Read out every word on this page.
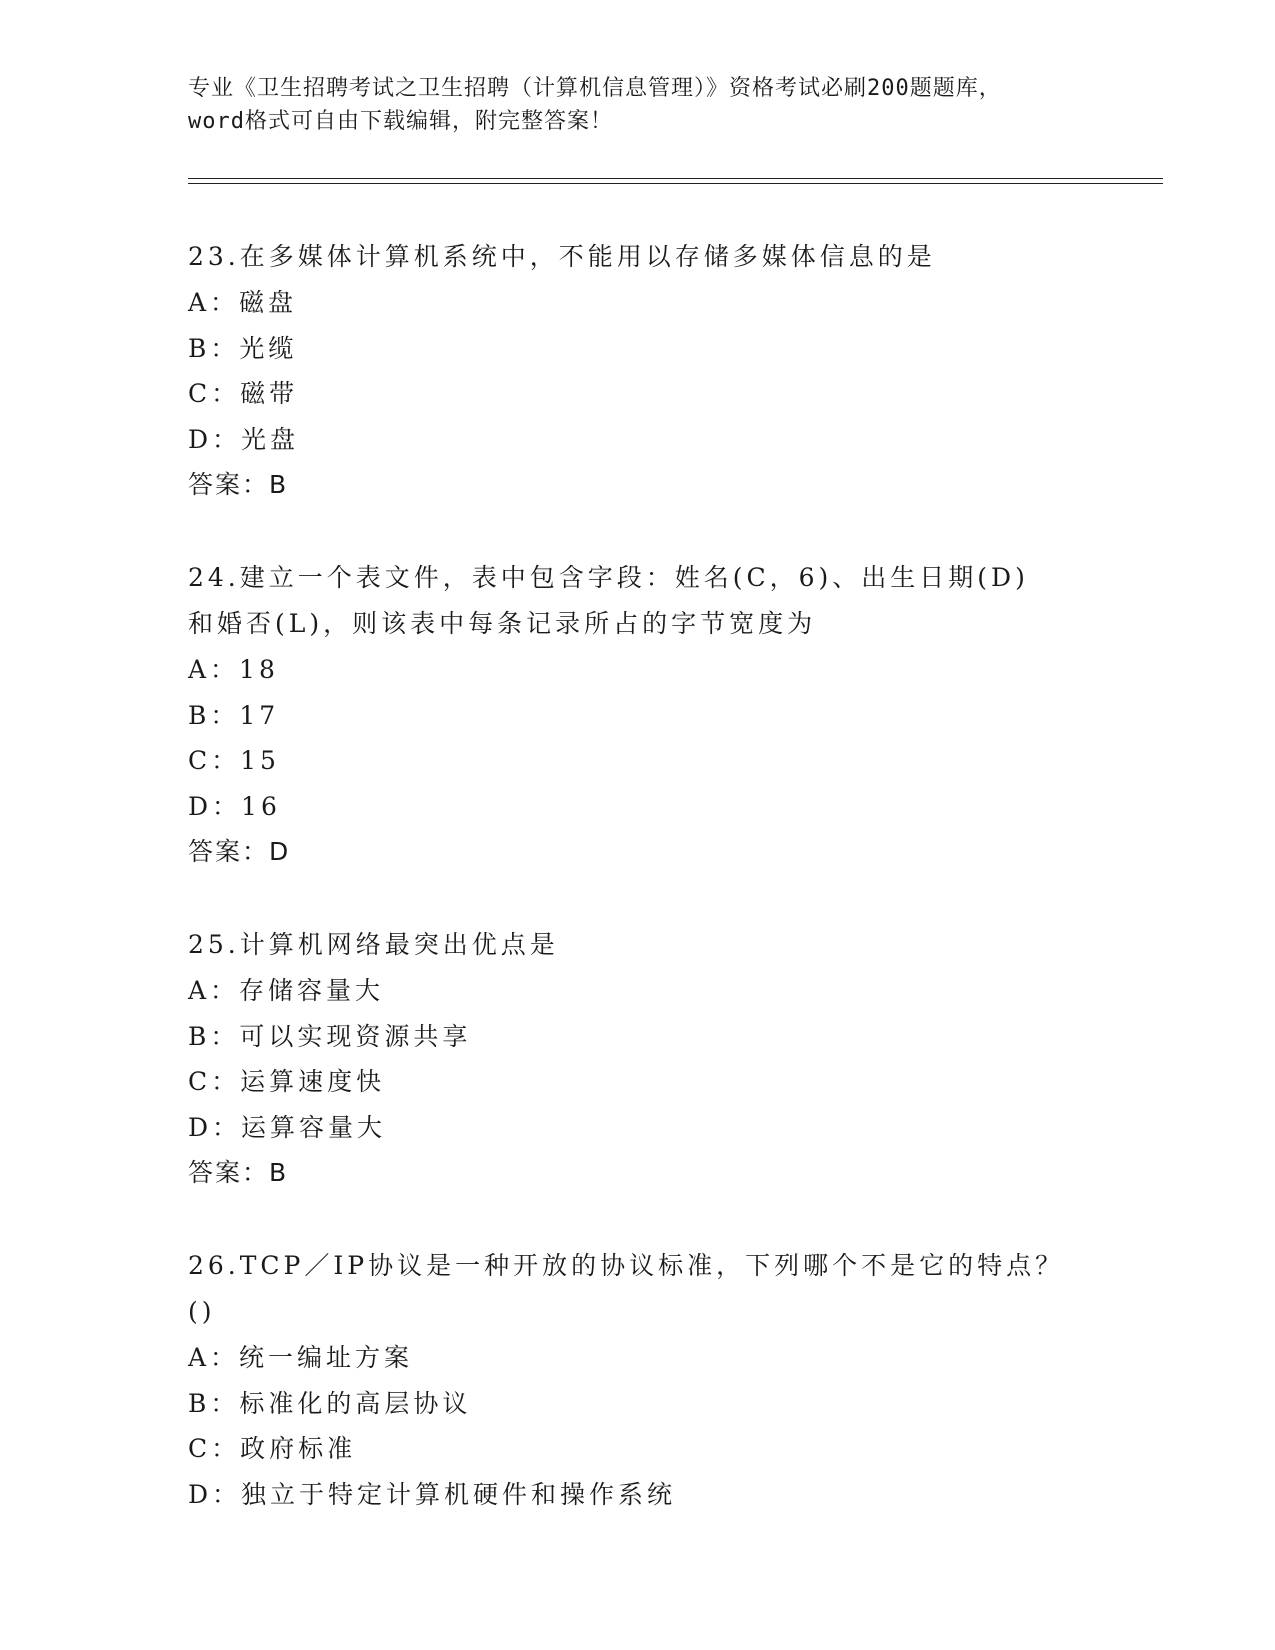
专业《卫生招聘考试之卫生招聘（计算机信息管理）》资格考试必刷200题题库，
word格式可自由下载编辑，附完整答案！

23.在多媒体计算机系统中，不能用以存储多媒体信息的是

A：磁盘

B：光缆

C：磁带

D：光盘

答案：B

24.建立一个表文件，表中包含字段：姓名(C，6)、出生日期(D)和婚否(L)，则该表中每条记录所占的字节宽度为

A：18

B：17

C：15

D：16

答案：D

25.计算机网络最突出优点是

A：存储容量大

B：可以实现资源共享

C：运算速度快

D：运算容量大

答案：B

26.TCP／IP协议是一种开放的协议标准，下列哪个不是它的特点？()

A：统一编址方案

B：标准化的高层协议

C：政府标准

D：独立于特定计算机硬件和操作系统
